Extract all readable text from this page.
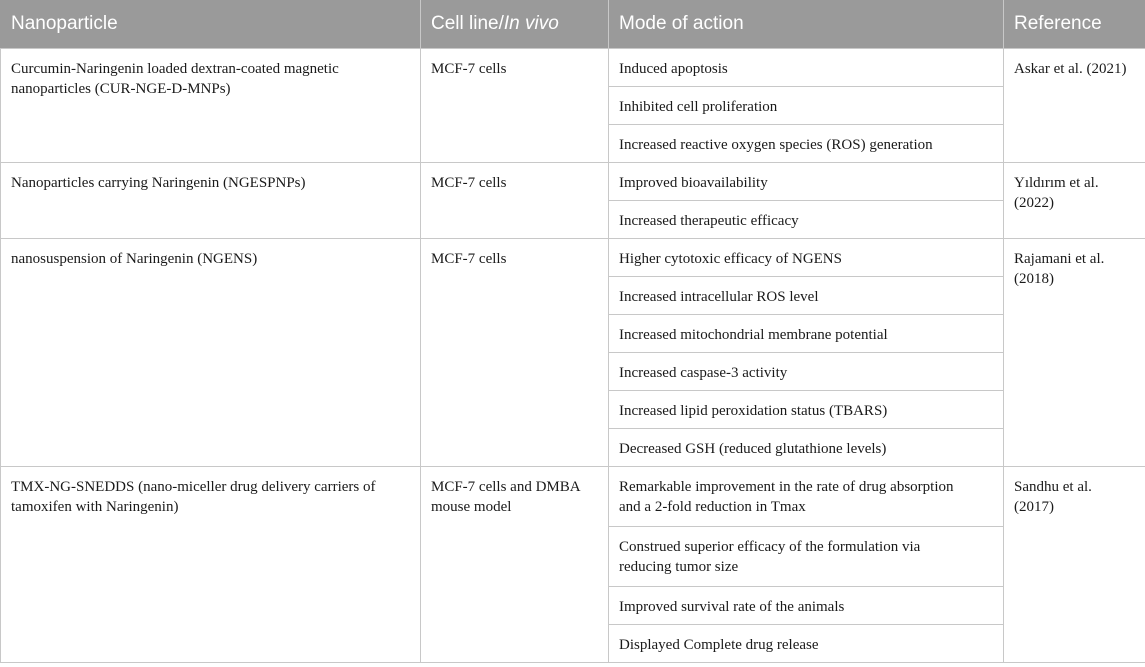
Nanoparticle	Cell line/In vivo	Mode of action	Reference
Curcumin-Naringenin loaded dextran-coated magnetic
nanoparticles (CUR-NGE-D-MNPs)	MCF-7 cells	Induced apoptosis	Askar et al. (2021)
		Inhibited cell proliferation	
		Increased reactive oxygen species (ROS) generation	
Nanoparticles carrying Naringenin (NGESPNPs)	MCF-7 cells	Improved bioavailability	Yıldırım et al.
(2022)
		Increased therapeutic efficacy	
nanosuspension of Naringenin (NGENS)	MCF-7 cells	Higher cytotoxic efficacy of NGENS	Rajamani et al.
(2018)
		Increased intracellular ROS level	
		Increased mitochondrial membrane potential	
		Increased caspase-3 activity	
		Increased lipid peroxidation status (TBARS)	
		Decreased GSH (reduced glutathione levels)	
TMX-NG-SNEDDS (nano-miceller drug delivery carriers of
tamoxifen with Naringenin)	MCF-7 cells and DMBA
mouse model	Remarkable improvement in the rate of drug absorption
and a 2-fold reduction in Tmax	Sandhu et al.
(2017)
		Construed superior efficacy of the formulation via
reducing tumor size	
		Improved survival rate of the animals	
		Displayed Complete drug release	
